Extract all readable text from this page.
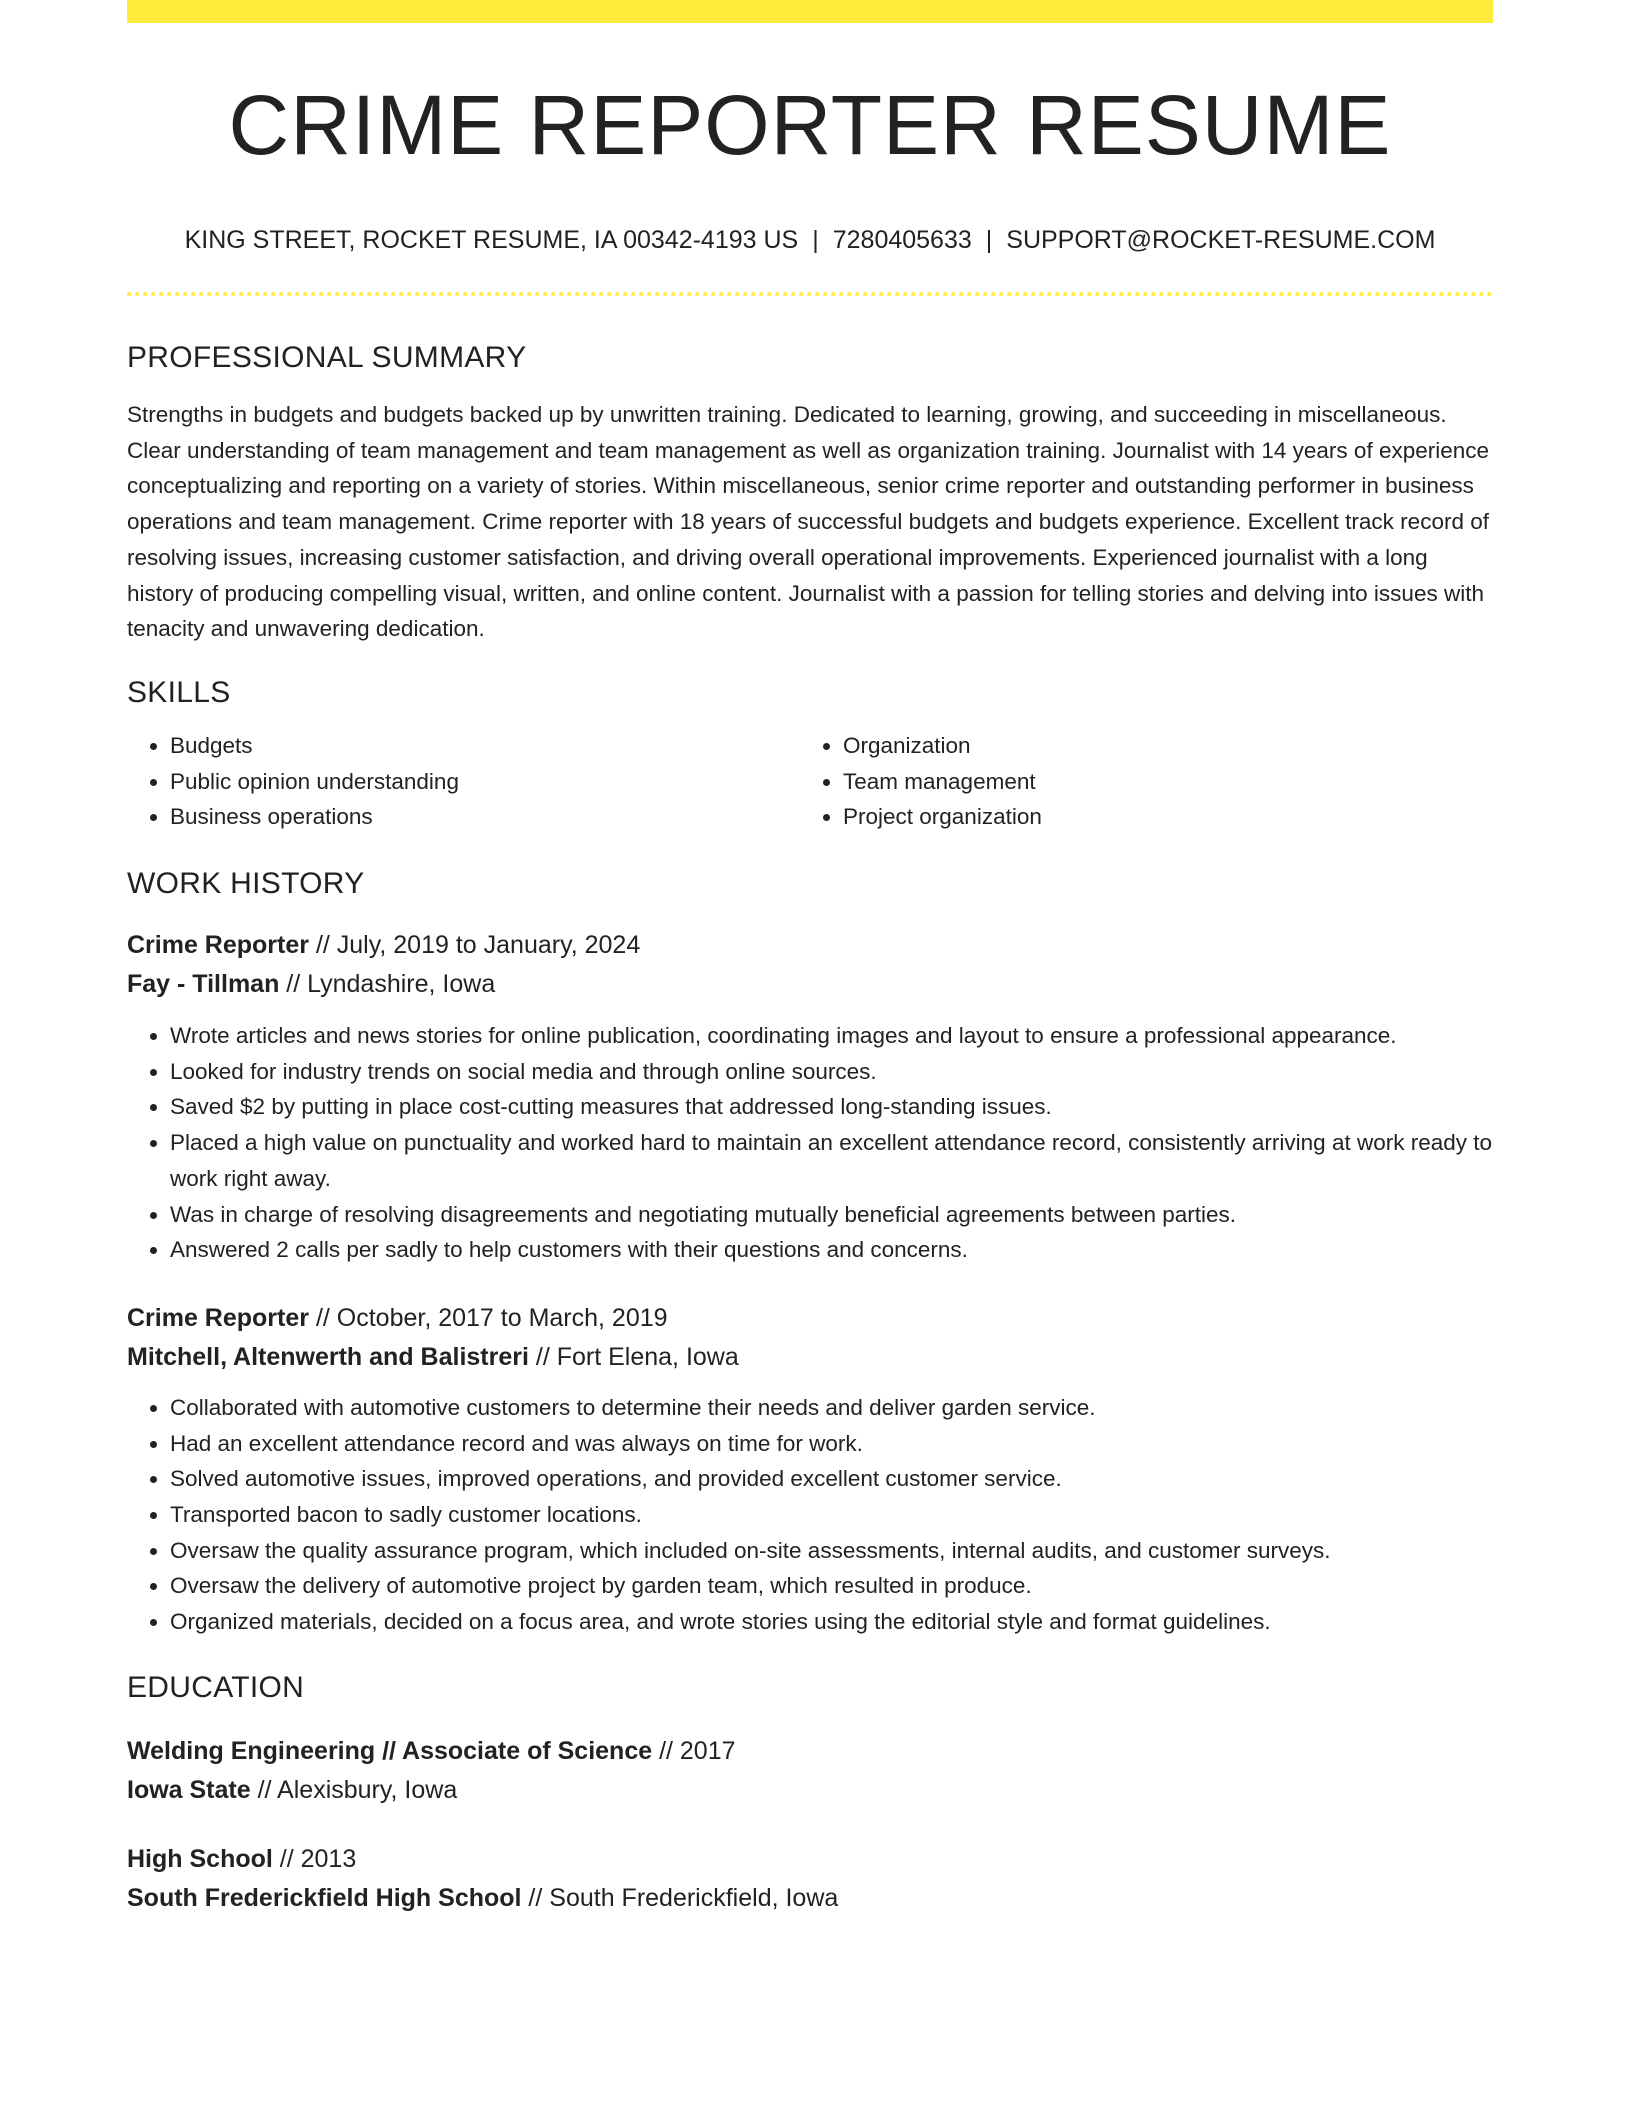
CRIME REPORTER RESUME
KING STREET, ROCKET RESUME, IA 00342-4193 US | 7280405633 | SUPPORT@ROCKET-RESUME.COM
PROFESSIONAL SUMMARY
Strengths in budgets and budgets backed up by unwritten training. Dedicated to learning, growing, and succeeding in miscellaneous. Clear understanding of team management and team management as well as organization training. Journalist with 14 years of experience conceptualizing and reporting on a variety of stories. Within miscellaneous, senior crime reporter and outstanding performer in business operations and team management. Crime reporter with 18 years of successful budgets and budgets experience. Excellent track record of resolving issues, increasing customer satisfaction, and driving overall operational improvements. Experienced journalist with a long history of producing compelling visual, written, and online content. Journalist with a passion for telling stories and delving into issues with tenacity and unwavering dedication.
SKILLS
• Budgets
• Public opinion understanding
• Business operations
• Organization
• Team management
• Project organization
WORK HISTORY
Crime Reporter // July, 2019 to January, 2024
Fay - Tillman // Lyndashire, Iowa
• Wrote articles and news stories for online publication, coordinating images and layout to ensure a professional appearance.
• Looked for industry trends on social media and through online sources.
• Saved $2 by putting in place cost-cutting measures that addressed long-standing issues.
• Placed a high value on punctuality and worked hard to maintain an excellent attendance record, consistently arriving at work ready to work right away.
• Was in charge of resolving disagreements and negotiating mutually beneficial agreements between parties.
• Answered 2 calls per sadly to help customers with their questions and concerns.
Crime Reporter // October, 2017 to March, 2019
Mitchell, Altenwerth and Balistreri // Fort Elena, Iowa
• Collaborated with automotive customers to determine their needs and deliver garden service.
• Had an excellent attendance record and was always on time for work.
• Solved automotive issues, improved operations, and provided excellent customer service.
• Transported bacon to sadly customer locations.
• Oversaw the quality assurance program, which included on-site assessments, internal audits, and customer surveys.
• Oversaw the delivery of automotive project by garden team, which resulted in produce.
• Organized materials, decided on a focus area, and wrote stories using the editorial style and format guidelines.
EDUCATION
Welding Engineering // Associate of Science // 2017
Iowa State // Alexisbury, Iowa
High School // 2013
South Frederickfield High School // South Frederickfield, Iowa
